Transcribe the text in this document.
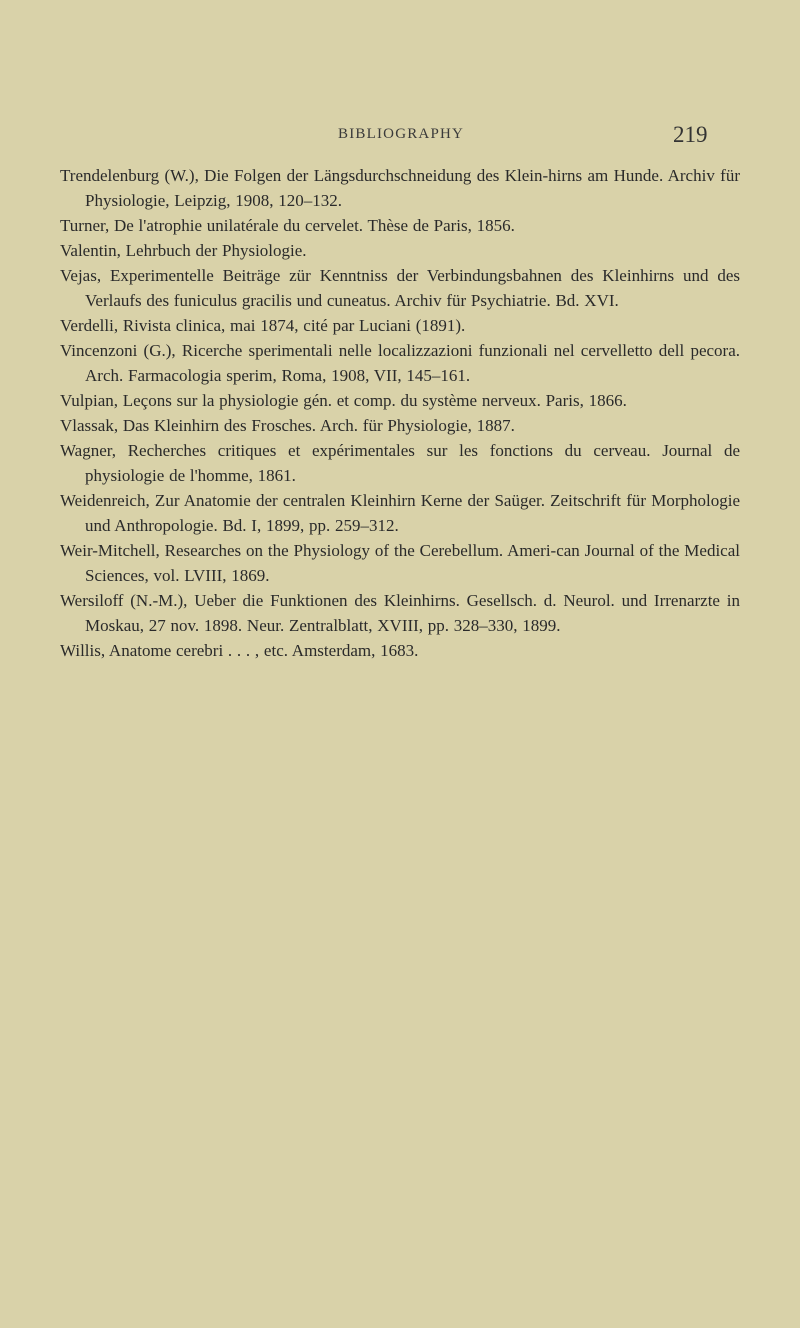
BIBLIOGRAPHY	219
Trendelenburg (W.), Die Folgen der Längsdurchschneidung des Klein-hirns am Hunde. Archiv für Physiologie, Leipzig, 1908, 120–132.
Turner, De l'atrophie unilatérale du cervelet. Thèse de Paris, 1856.
Valentin, Lehrbuch der Physiologie.
Vejas, Experimentelle Beiträge zür Kenntniss der Verbindungsbahnen des Kleinhirns und des Verlaufs des funiculus gracilis und cuneatus. Archiv für Psychiatrie. Bd. XVI.
Verdelli, Rivista clinica, mai 1874, cité par Luciani (1891).
Vincenzoni (G.), Ricerche sperimentali nelle localizzazioni funzionali nel cervelletto dell pecora. Arch. Farmacologia sperim, Roma, 1908, VII, 145–161.
Vulpian, Leçons sur la physiologie gén. et comp. du système nerveux. Paris, 1866.
Vlassak, Das Kleinhirn des Frosches. Arch. für Physiologie, 1887.
Wagner, Recherches critiques et expérimentales sur les fonctions du cerveau. Journal de physiologie de l'homme, 1861.
Weidenreich, Zur Anatomie der centralen Kleinhirn Kerne der Saüger. Zeitschrift für Morphologie und Anthropologie. Bd. I, 1899, pp. 259–312.
Weir-Mitchell, Researches on the Physiology of the Cerebellum. Ameri-can Journal of the Medical Sciences, vol. LVIII, 1869.
Wersiloff (N.-M.), Ueber die Funktionen des Kleinhirns. Gesellsch. d. Neurol. und Irrenarzte in Moskau, 27 nov. 1898. Neur. Zentralblatt, XVIII, pp. 328–330, 1899.
Willis, Anatome cerebri . . . , etc. Amsterdam, 1683.
